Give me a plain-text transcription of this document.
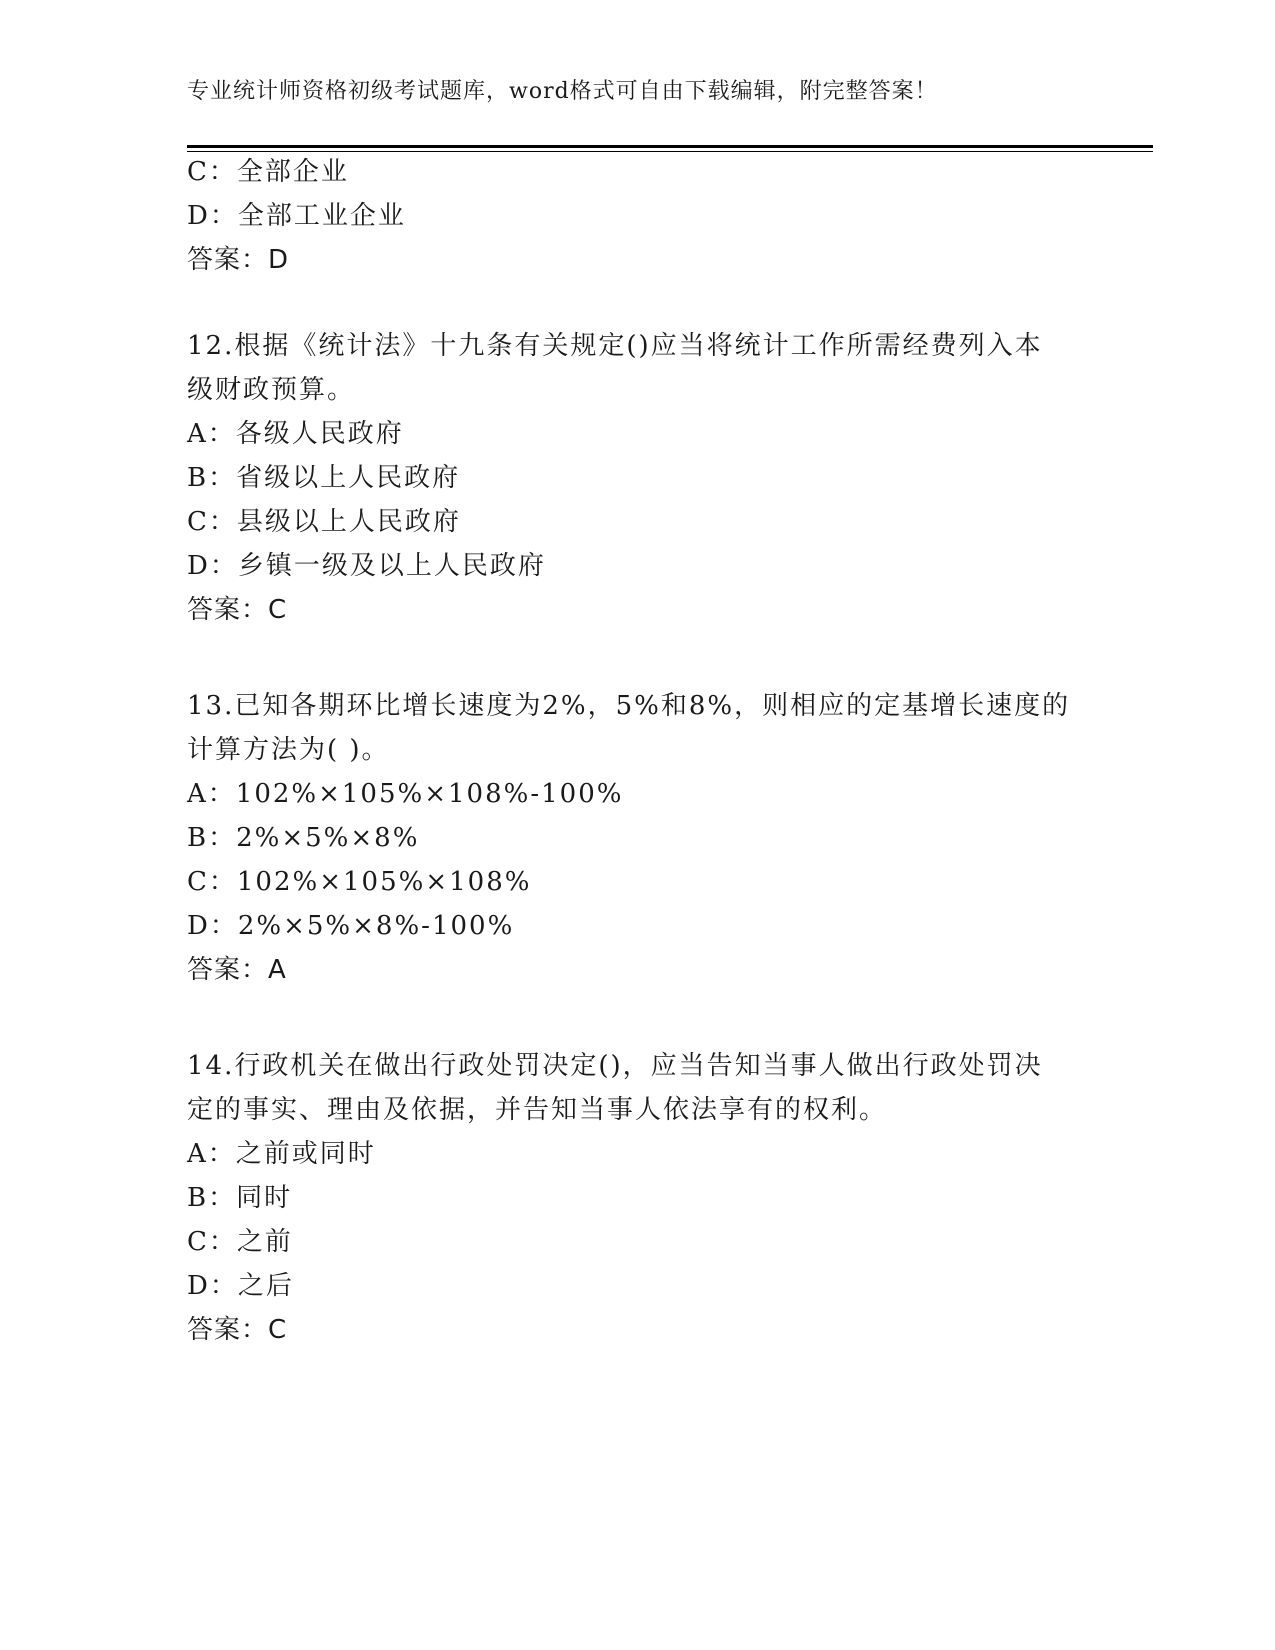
专业统计师资格初级考试题库，word格式可自由下载编辑，附完整答案！
C：全部企业
D：全部工业企业
答案：D
12.根据《统计法》十九条有关规定()应当将统计工作所需经费列入本
级财政预算。
A：各级人民政府
B：省级以上人民政府
C：县级以上人民政府
D：乡镇一级及以上人民政府
答案：C
13.已知各期环比增长速度为2%，5%和8%，则相应的定基增长速度的
计算方法为( )。
A：102%×105%×108%-100%
B：2%×5%×8%
C：102%×105%×108%
D：2%×5%×8%-100%
答案：A
14.行政机关在做出行政处罚决定()，应当告知当事人做出行政处罚决
定的事实、理由及依据，并告知当事人依法享有的权利。
A：之前或同时
B：同时
C：之前
D：之后
答案：C
